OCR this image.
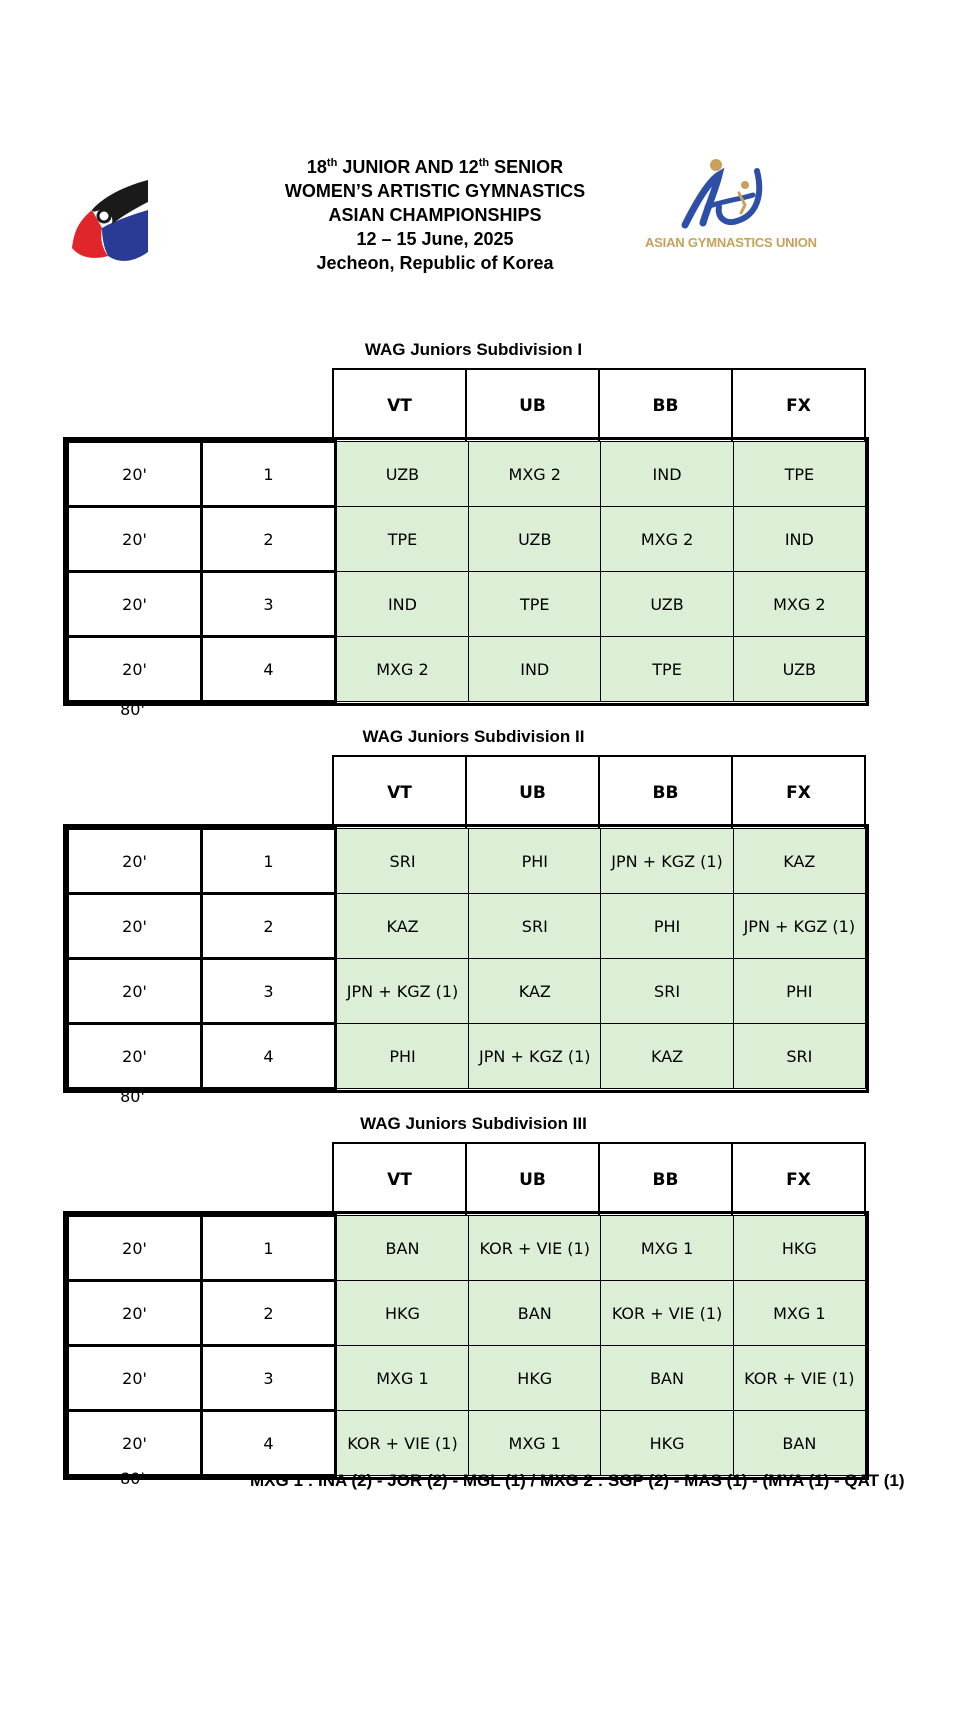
18th JUNIOR AND 12th SENIOR
WOMEN’S ARTISTIC GYMNASTICS
ASIAN CHAMPIONSHIPS
12 – 15 June, 2025
Jecheon, Republic of Korea
ASIAN GYMNASTICS UNION
WAG Juniors Subdivision I
VT	UB	BB	FX
20'	1	UZB	MXG 2	IND	TPE
20'	2	TPE	UZB	MXG 2	IND
20'	3	IND	TPE	UZB	MXG 2
20'	4	MXG 2	IND	TPE	UZB
80'
WAG Juniors Subdivision II
VT	UB	BB	FX
20'	1	SRI	PHI	JPN + KGZ (1)	KAZ
20'	2	KAZ	SRI	PHI	JPN + KGZ (1)
20'	3	JPN + KGZ (1)	KAZ	SRI	PHI
20'	4	PHI	JPN + KGZ (1)	KAZ	SRI
80'
WAG Juniors Subdivision III
VT	UB	BB	FX
20'	1	BAN	KOR + VIE (1)	MXG 1	HKG
20'	2	HKG	BAN	KOR + VIE (1)	MXG 1
20'	3	MXG 1	HKG	BAN	KOR + VIE (1)
20'	4	KOR + VIE (1)	MXG 1	HKG	BAN
80'	MXG 1 : INA (2) - JOR (2) - MGL (1) / MXG 2 : SGP (2) - MAS (1) - (MYA (1) - QAT (1)
